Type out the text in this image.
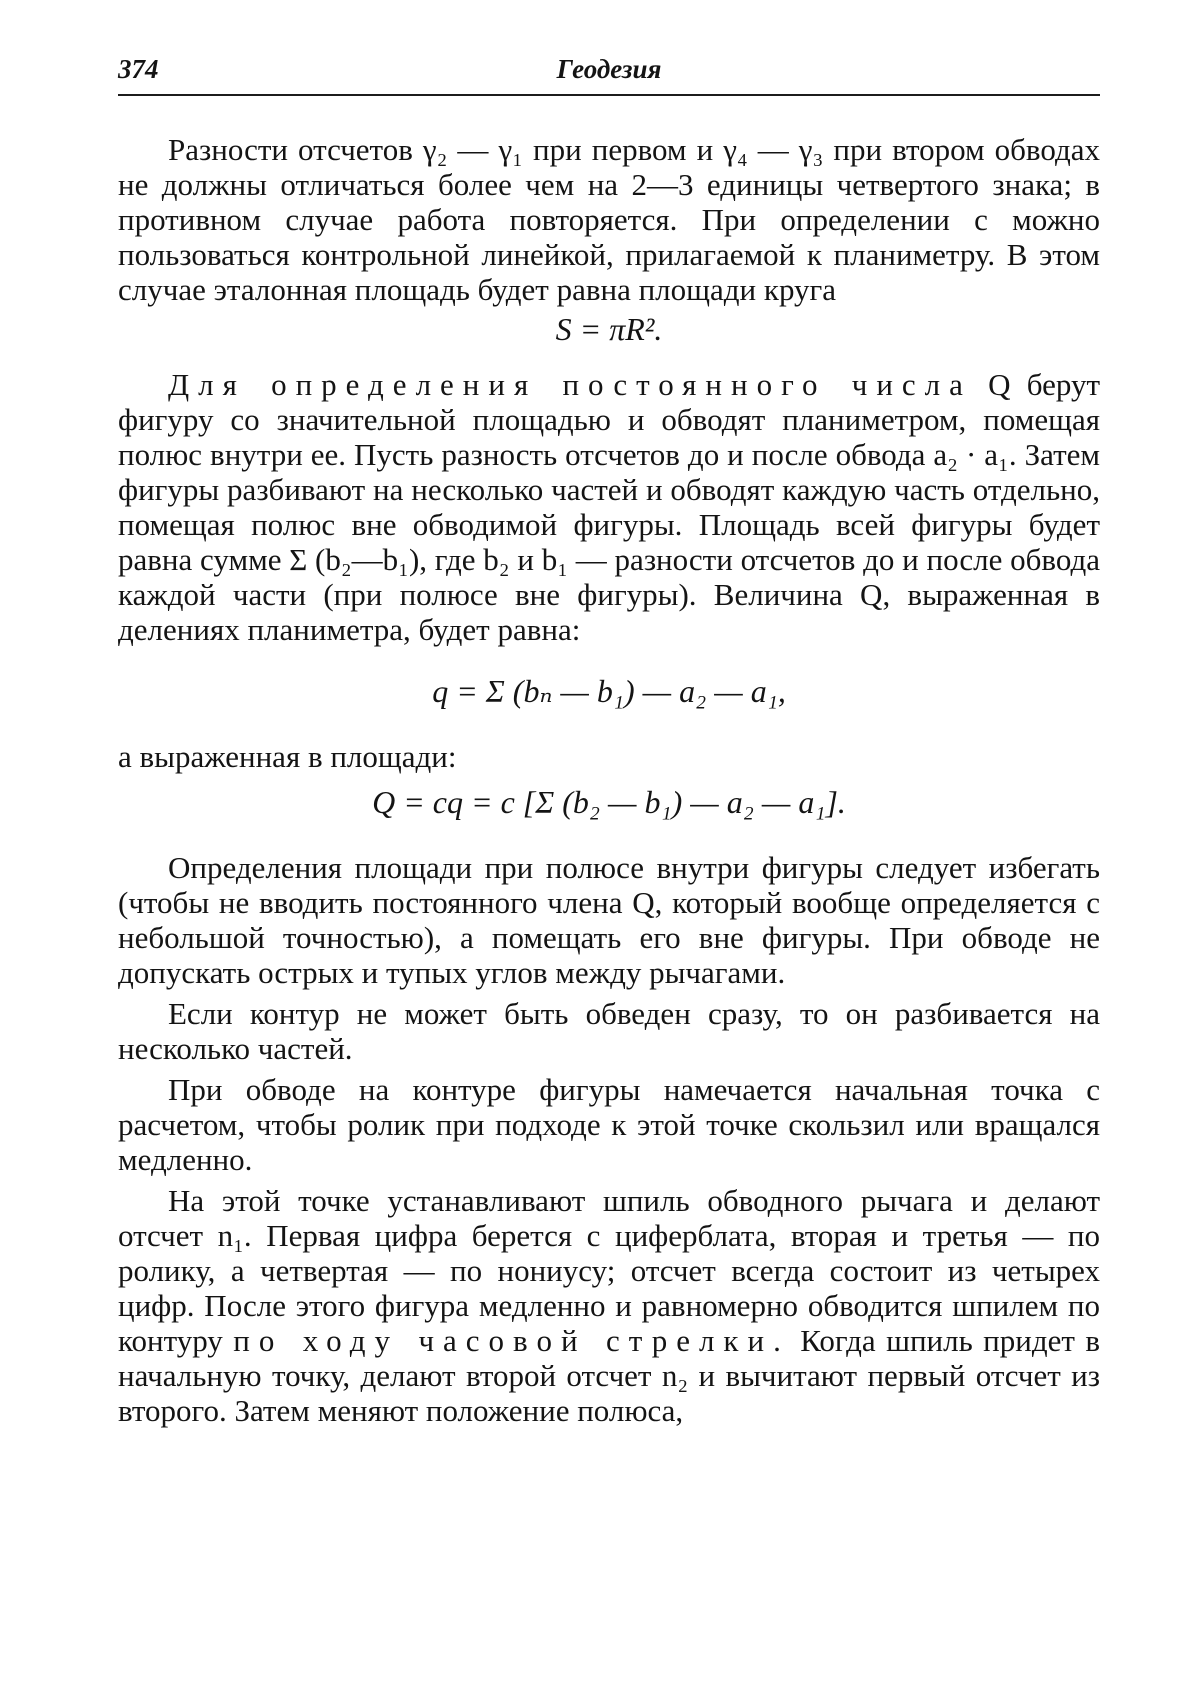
374	Геодезия

Разности отсчетов γ₂ — γ₁ при первом и γ₄ — γ₃ при втором обводах не должны отличаться более чем на 2—3 единицы четвертого знака; в противном случае работа повторяется. При определении c можно пользоваться контрольной линейкой, прилагаемой к планиметру. В этом случае эталонная площадь будет равна площади круга

S = πR².

Для определения постоянного числа Q берут фигуру со значительной площадью и обводят планиметром, помещая полюс внутри ее. Пусть разность отсчетов до и после обвода a₂ · a₁. Затем фигуры разбивают на несколько частей и обводят каждую часть отдельно, помещая полюс вне обводимой фигуры. Площадь всей фигуры будет равна сумме Σ (b₂—b₁), где b₂ и b₁ — разности отсчетов до и после обвода каждой части (при полюсе вне фигуры). Величина Q, выраженная в делениях планиметра, будет равна:

q = Σ (bₙ — b₁) — a₂ — a₁,

а выраженная в площади:

Q = cq = c [Σ (b₂ — b₁) — a₂ — a₁].

Определения площади при полюсе внутри фигуры следует избегать (чтобы не вводить постоянного члена Q, который вообще определяется с небольшой точностью), а помещать его вне фигуры. При обводе не допускать острых и тупых углов между рычагами.

Если контур не может быть обведен сразу, то он разбивается на несколько частей.

При обводе на контуре фигуры намечается начальная точка с расчетом, чтобы ролик при подходе к этой точке скользил или вращался медленно.

На этой точке устанавливают шпиль обводного рычага и делают отсчет n₁. Первая цифра берется с циферблата, вторая и третья — по ролику, а четвертая — по нониусу; отсчет всегда состоит из четырех цифр. После этого фигура медленно и равномерно обводится шпилем по контуру по ходу часовой стрелки. Когда шпиль придет в начальную точку, делают второй отсчет n₂ и вычитают первый отсчет из второго. Затем меняют положение полюса,
